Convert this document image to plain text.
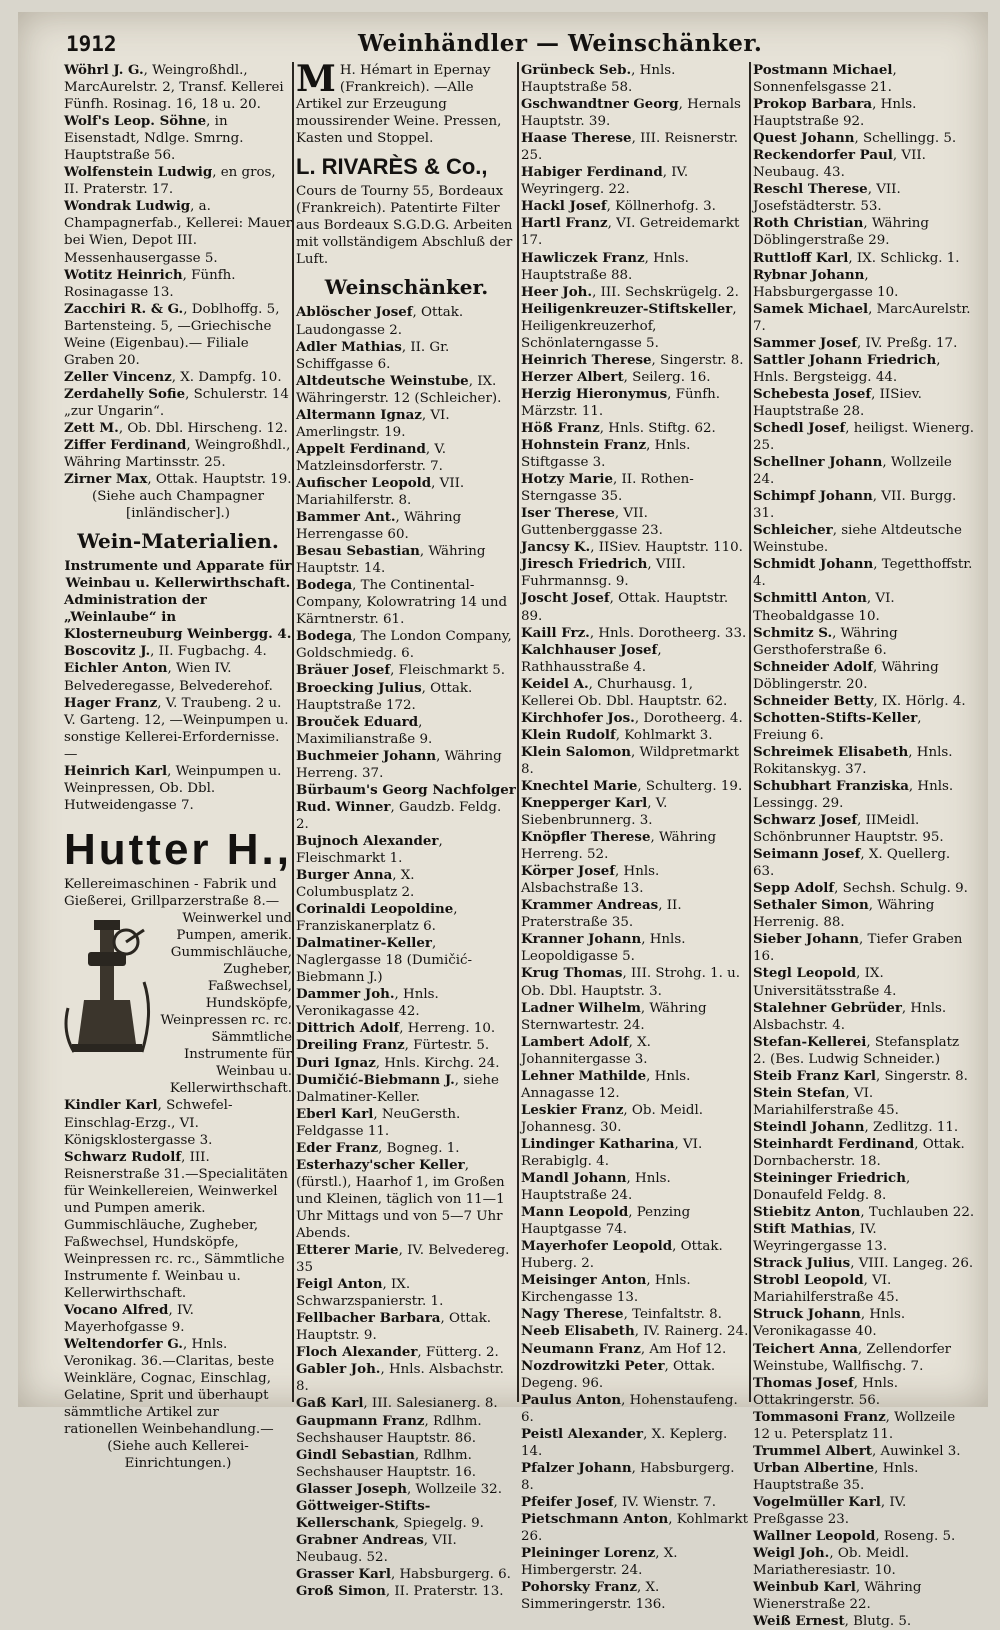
1912	Weinhändler — Weinschänker.

Wöhrl J. G., Weingroßhdl., MarcAurelstr. 2, Transf. Kellerei Fünfh. Rosinag. 16, 18 u. 20.

Wolf's Leop. Söhne, in Eisenstadt, Ndlge. Smrng. Hauptstraße 56.

Wolfenstein Ludwig, en gros, II. Praterstr. 17.

Wondrak Ludwig, a. Champagnerfab., Kellerei: Mauer bei Wien, Depot III. Messenhausergasse 5.

Wotitz Heinrich, Fünfh. Rosinagasse 13.

Zacchiri R. & G., Doblhoffg. 5, Bartensteing. 5, —Griechische Weine (Eigenbau).— Filiale Graben 20.

Zeller Vincenz, X. Dampfg. 10.

Zerdahelly Sofie, Schulerstr. 14 „zur Ungarin“.

Zett M., Ob. Dbl. Hirscheng. 12.

Ziffer Ferdinand, Weingroßhdl., Währing Martinsstr. 25.

Zirner Max, Ottak. Hauptstr. 19.

(Siehe auch Champagner [inländischer].)

Wein-Materialien.
Instrumente und Apparate für Weinbau u. Kellerwirthschaft.

Administration der „Weinlaube“ in Klosterneuburg Weinbergg. 4.

Boscovitz J., II. Fugbachg. 4.

Eichler Anton, Wien IV. Belvederegasse, Belvederehof.

Hager Franz, V. Traubeng. 2 u. V. Garteng. 12, —Weinpumpen u. sonstige Kellerei-Erfordernisse.—

Heinrich Karl, Weinpumpen u. Weinpressen, Ob. Dbl. Hutweidengasse 7.

Hutter H.,

Kellereimaschinen - Fabrik und Gießerei, Grillparzerstraße 8.—

Weinwerkel und Pumpen, amerik. Gummischläuche, Zugheber, Faßwechsel, Hundsköpfe, Weinpressen rc. rc. Sämmtliche Instrumente für Weinbau u. Kellerwirthschaft.

Kindler Karl, Schwefel-Einschlag-Erzg., VI. Königsklostergasse 3.

Schwarz Rudolf, III. Reisnerstraße 31.—Specialitäten für Weinkellereien, Weinwerkel und Pumpen amerik. Gummischläuche, Zugheber, Faßwechsel, Hundsköpfe, Weinpressen rc. rc., Sämmtliche Instrumente f. Weinbau u. Kellerwirthschaft.

Vocano Alfred, IV. Mayerhofgasse 9.

Weltendorfer G., Hnls. Veronikag. 36.—Claritas, beste Weinkläre, Cognac, Einschlag, Gelatine, Sprit und überhaupt sämmtliche Artikel zur rationellen Weinbehandlung.—

(Siehe auch Kellerei-Einrichtungen.)

M H. Hémart in Epernay (Frankreich). —Alle Artikel zur Erzeugung moussirender Weine. Pressen, Kasten und Stoppel.
L. RIVARÈS & Co.,

Cours de Tourny 55, Bordeaux (Frankreich). Patentirte Filter aus Bordeaux S.G.D.G. Arbeiten mit vollständigem Abschluß der Luft.

Weinschänker.

Ablöscher Josef, Ottak. Laudongasse 2.

Adler Mathias, II. Gr. Schiffgasse 6.

Altdeutsche Weinstube, IX. Währingerstr. 12 (Schleicher).

Altermann Ignaz, VI. Amerlingstr. 19.

Appelt Ferdinand, V. Matzleinsdorferstr. 7.

Aufischer Leopold, VII. Mariahilferstr. 8.

Bammer Ant., Währing Herrengasse 60.

Besau Sebastian, Währing Hauptstr. 14.

Bodega, The Continental-Company, Kolowratring 14 und Kärntnerstr. 61.

Bodega, The London Company, Goldschmiedg. 6.

Bräuer Josef, Fleischmarkt 5.

Broecking Julius, Ottak. Hauptstraße 172.

Brouček Eduard, Maximilianstraße 9.

Buchmeier Johann, Währing Herreng. 37.

Bürbaum's Georg Nachfolger Rud. Winner, Gaudzb. Feldg. 2.

Bujnoch Alexander, Fleischmarkt 1.

Burger Anna, X. Columbusplatz 2.

Corinaldi Leopoldine, Franziskanerplatz 6.

Dalmatiner-Keller, Naglergasse 18 (Dumičić-Biebmann J.)

Dammer Joh., Hnls. Veronikagasse 42.

Dittrich Adolf, Herreng. 10.

Dreiling Franz, Fürtestr. 5.

Duri Ignaz, Hnls. Kirchg. 24.

Dumičić-Biebmann J., siehe Dalmatiner-Keller.

Eberl Karl, NeuGersth. Feldgasse 11.

Eder Franz, Bogneg. 1.

Esterhazy'scher Keller, (fürstl.), Haarhof 1, im Großen und Kleinen, täglich von 11—1 Uhr Mittags und von 5—7 Uhr Abends.

Etterer Marie, IV. Belvedereg. 35

Feigl Anton, IX. Schwarzspanierstr. 1.

Fellbacher Barbara, Ottak. Hauptstr. 9.

Floch Alexander, Fütterg. 2.

Gabler Joh., Hnls. Alsbachstr. 8.

Gaß Karl, III. Salesianerg. 8.

Gaupmann Franz, Rdlhm. Sechshauser Hauptstr. 86.

Gindl Sebastian, Rdlhm. Sechshauser Hauptstr. 16.

Glasser Joseph, Wollzeile 32.

Göttweiger-Stifts-Kellerschank, Spiegelg. 9.

Grabner Andreas, VII. Neubaug. 52.

Grasser Karl, Habsburgerg. 6.

Groß Simon, II. Praterstr. 13.

Grünbeck Seb., Hnls. Hauptstraße 58.

Gschwandtner Georg, Hernals Hauptstr. 39.

Haase Therese, III. Reisnerstr. 25.

Habiger Ferdinand, IV. Weyringerg. 22.

Hackl Josef, Köllnerhofg. 3.

Hartl Franz, VI. Getreidemarkt 17.

Hawliczek Franz, Hnls. Hauptstraße 88.

Heer Joh., III. Sechskrügelg. 2.

Heiligenkreuzer-Stiftskeller, Heiligenkreuzerhof, Schönlaterngasse 5.

Heinrich Therese, Singerstr. 8.

Herzer Albert, Seilerg. 16.

Herzig Hieronymus, Fünfh. Märzstr. 11.

Höß Franz, Hnls. Stiftg. 62.

Hohnstein Franz, Hnls. Stiftgasse 3.

Hotzy Marie, II. Rothen-Sterngasse 35.

Iser Therese, VII. Guttenberggasse 23.

Jancsy K., IISiev. Hauptstr. 110.

Jiresch Friedrich, VIII. Fuhrmannsg. 9.

Joscht Josef, Ottak. Hauptstr. 89.

Kaill Frz., Hnls. Dorotheerg. 33.

Kalchhauser Josef, Rathhausstraße 4.

Keidel A., Churhausg. 1, Kellerei Ob. Dbl. Hauptstr. 62.

Kirchhofer Jos., Dorotheerg. 4.

Klein Rudolf, Kohlmarkt 3.

Klein Salomon, Wildpretmarkt 8.

Knechtel Marie, Schulterg. 19.

Knepperger Karl, V. Siebenbrunnerg. 3.

Knöpfler Therese, Währing Herreng. 52.

Körper Josef, Hnls. Alsbachstraße 13.

Krammer Andreas, II. Praterstraße 35.

Kranner Johann, Hnls. Leopoldigasse 5.

Krug Thomas, III. Strohg. 1. u. Ob. Dbl. Hauptstr. 3.

Ladner Wilhelm, Währing Sternwartestr. 24.

Lambert Adolf, X. Johannitergasse 3.

Lehner Mathilde, Hnls. Annagasse 12.

Leskier Franz, Ob. Meidl. Johannesg. 30.

Lindinger Katharina, VI. Rerabiglg. 4.

Mandl Johann, Hnls. Hauptstraße 24.

Mann Leopold, Penzing Hauptgasse 74.

Mayerhofer Leopold, Ottak. Huberg. 2.

Meisinger Anton, Hnls. Kirchengasse 13.

Nagy Therese, Teinfaltstr. 8.

Neeb Elisabeth, IV. Rainerg. 24.

Neumann Franz, Am Hof 12.

Nozdrowitzki Peter, Ottak. Degeng. 96.

Paulus Anton, Hohenstaufeng. 6.

Peistl Alexander, X. Keplerg. 14.

Pfalzer Johann, Habsburgerg. 8.

Pfeifer Josef, IV. Wienstr. 7.

Pietschmann Anton, Kohlmarkt 26.

Pleininger Lorenz, X. Himbergerstr. 24.

Pohorsky Franz, X. Simmeringerstr. 136.

Postmann Michael, Sonnenfelsgasse 21.

Prokop Barbara, Hnls. Hauptstraße 92.

Quest Johann, Schellingg. 5.

Reckendorfer Paul, VII. Neubaug. 43.

Reschl Therese, VII. Josefstädterstr. 53.

Roth Christian, Währing Döblingerstraße 29.

Ruttloff Karl, IX. Schlickg. 1.

Rybnar Johann, Habsburgergasse 10.

Samek Michael, MarcAurelstr. 7.

Sammer Josef, IV. Preßg. 17.

Sattler Johann Friedrich, Hnls. Bergsteigg. 44.

Schebesta Josef, IISiev. Hauptstraße 28.

Schedl Josef, heiligst. Wienerg. 25.

Schellner Johann, Wollzeile 24.

Schimpf Johann, VII. Burgg. 31.

Schleicher, siehe Altdeutsche Weinstube.

Schmidt Johann, Tegetthoffstr. 4.

Schmittl Anton, VI. Theobaldgasse 10.

Schmitz S., Währing Gersthoferstraße 6.

Schneider Adolf, Währing Döblingerstr. 20.

Schneider Betty, IX. Hörlg. 4.

Schotten-Stifts-Keller, Freiung 6.

Schreimek Elisabeth, Hnls. Rokitanskyg. 37.

Schubhart Franziska, Hnls. Lessingg. 29.

Schwarz Josef, IIMeidl. Schönbrunner Hauptstr. 95.

Seimann Josef, X. Quellerg. 63.

Sepp Adolf, Sechsh. Schulg. 9.

Sethaler Simon, Währing Herrenig. 88.

Sieber Johann, Tiefer Graben 16.

Stegl Leopold, IX. Universitätsstraße 4.

Stalehner Gebrüder, Hnls. Alsbachstr. 4.

Stefan-Kellerei, Stefansplatz 2. (Bes. Ludwig Schneider.)

Steib Franz Karl, Singerstr. 8.

Stein Stefan, VI. Mariahilferstraße 45.

Steindl Johann, Zedlitzg. 11.

Steinhardt Ferdinand, Ottak. Dornbacherstr. 18.

Steininger Friedrich, Donaufeld Feldg. 8.

Stiebitz Anton, Tuchlauben 22.

Stift Mathias, IV. Weyringergasse 13.

Strack Julius, VIII. Langeg. 26.

Strobl Leopold, VI. Mariahilferstraße 45.

Struck Johann, Hnls. Veronikagasse 40.

Teichert Anna, Zellendorfer Weinstube, Wallfischg. 7.

Thomas Josef, Hnls. Ottakringerstr. 56.

Tommasoni Franz, Wollzeile 12 u. Petersplatz 11.

Trummel Albert, Auwinkel 3.

Urban Albertine, Hnls. Hauptstraße 35.

Vogelmüller Karl, IV. Preßgasse 23.

Wallner Leopold, Roseng. 5.

Weigl Joh., Ob. Meidl. Mariatheresiastr. 10.

Weinbub Karl, Währing Wienerstraße 22.

Weiß Ernest, Blutg. 5.
